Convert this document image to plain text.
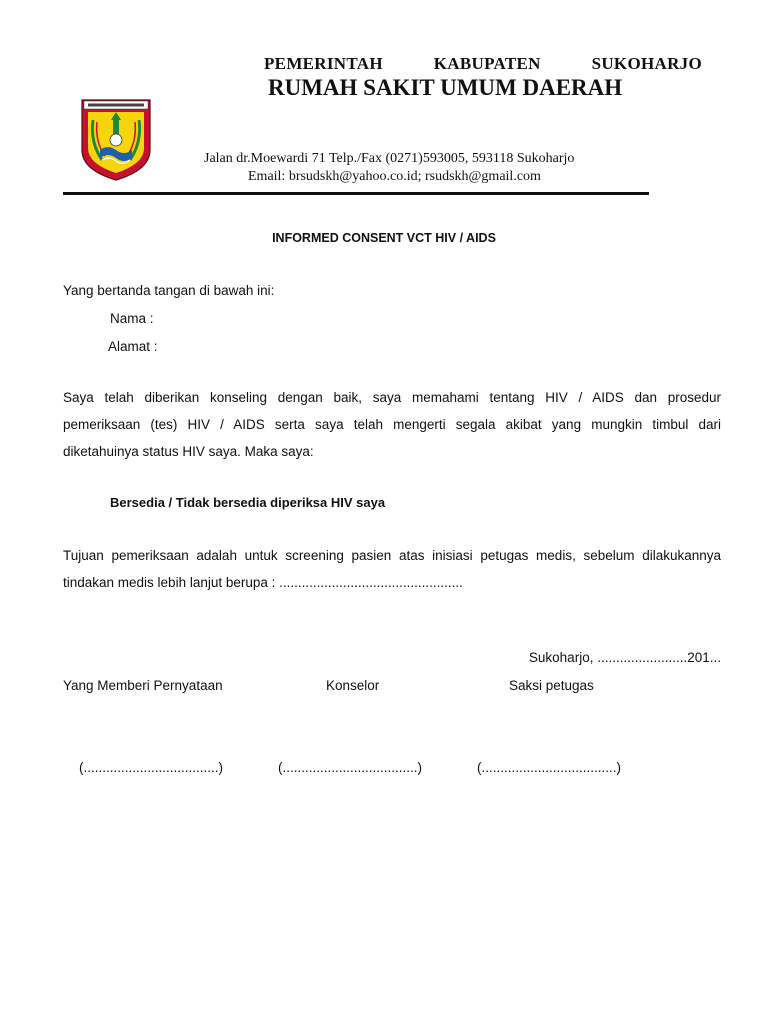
PEMERINTAH	KABUPATEN	SUKOHARJO
RUMAH SAKIT UMUM DAERAH
Jalan dr.Moewardi 71 Telp./Fax (0271)593005, 593118 Sukoharjo
Email: brsudskh@yahoo.co.id; rsudskh@gmail.com
INFORMED CONSENT VCT HIV / AIDS
Yang bertanda tangan di bawah ini:
Nama :
Alamat :
Saya telah diberikan konseling dengan baik, saya memahami tentang HIV / AIDS dan prosedur
pemeriksaan (tes) HIV / AIDS serta saya telah mengerti segala akibat yang mungkin timbul dari
diketahuinya status HIV saya. Maka saya:
Bersedia / Tidak bersedia diperiksa HIV saya
Tujuan pemeriksaan adalah untuk screening pasien atas inisiasi petugas medis, sebelum dilakukannya
tindakan medis lebih lanjut berupa : .................................................
Sukoharjo, ........................201...
Yang Memberi Pernyataan	Konselor	Saksi petugas
(....................................)	(....................................)	(....................................)
